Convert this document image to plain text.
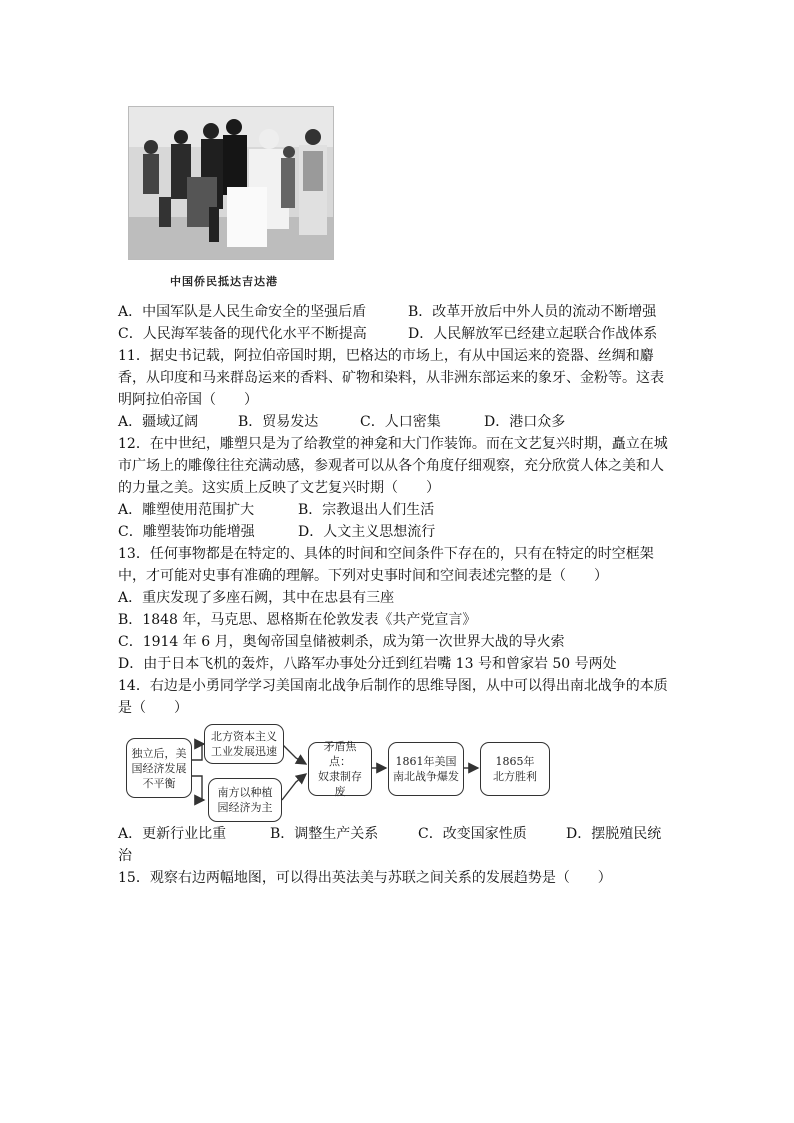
中国侨民抵达吉达港
A．中国军队是人民生命安全的坚强后盾	B．改革开放后中外人员的流动不断增强
C．人民海军装备的现代化水平不断提高	D．人民解放军已经建立起联合作战体系
11．据史书记载，阿拉伯帝国时期，巴格达的市场上，有从中国运来的瓷器、丝绸和麝
香，从印度和马来群岛运来的香料、矿物和染料，从非洲东部运来的象牙、金粉等。这表
明阿拉伯帝国（　　）
A．疆域辽阔	B．贸易发达	C．人口密集	D．港口众多
12．在中世纪，雕塑只是为了给教堂的神龛和大门作装饰。而在文艺复兴时期，矗立在城
市广场上的雕像往往充满动感，参观者可以从各个角度仔细观察，充分欣赏人体之美和人
的力量之美。这实质上反映了文艺复兴时期（　　）
A．雕塑使用范围扩大	B．宗教退出人们生活
C．雕塑装饰功能增强	D．人文主义思想流行
13．任何事物都是在特定的、具体的时间和空间条件下存在的，只有在特定的时空框架
中，才可能对史事有准确的理解。下列对史事时间和空间表述完整的是（　　）
A．重庆发现了多座石阙，其中在忠县有三座
B．1848 年，马克思、恩格斯在伦敦发表《共产党宣言》
C．1914 年 6 月，奥匈帝国皇储被刺杀，成为第一次世界大战的导火索
D．由于日本飞机的轰炸，八路军办事处分迁到红岩嘴 13 号和曾家岩 50 号两处
14．右边是小勇同学学习美国南北战争后制作的思维导图，从中可以得出南北战争的本质
是（　　）
独立后，美
国经济发展
不平衡
北方资本主义
工业发展迅速
南方以种植
园经济为主
矛盾焦点：
奴隶制存废
1861年美国
南北战争爆发
1865年
北方胜利
A．更新行业比重	B．调整生产关系	C．改变国家性质	D．摆脱殖民统
治
15．观察右边两幅地图，可以得出英法美与苏联之间关系的发展趋势是（　　）
